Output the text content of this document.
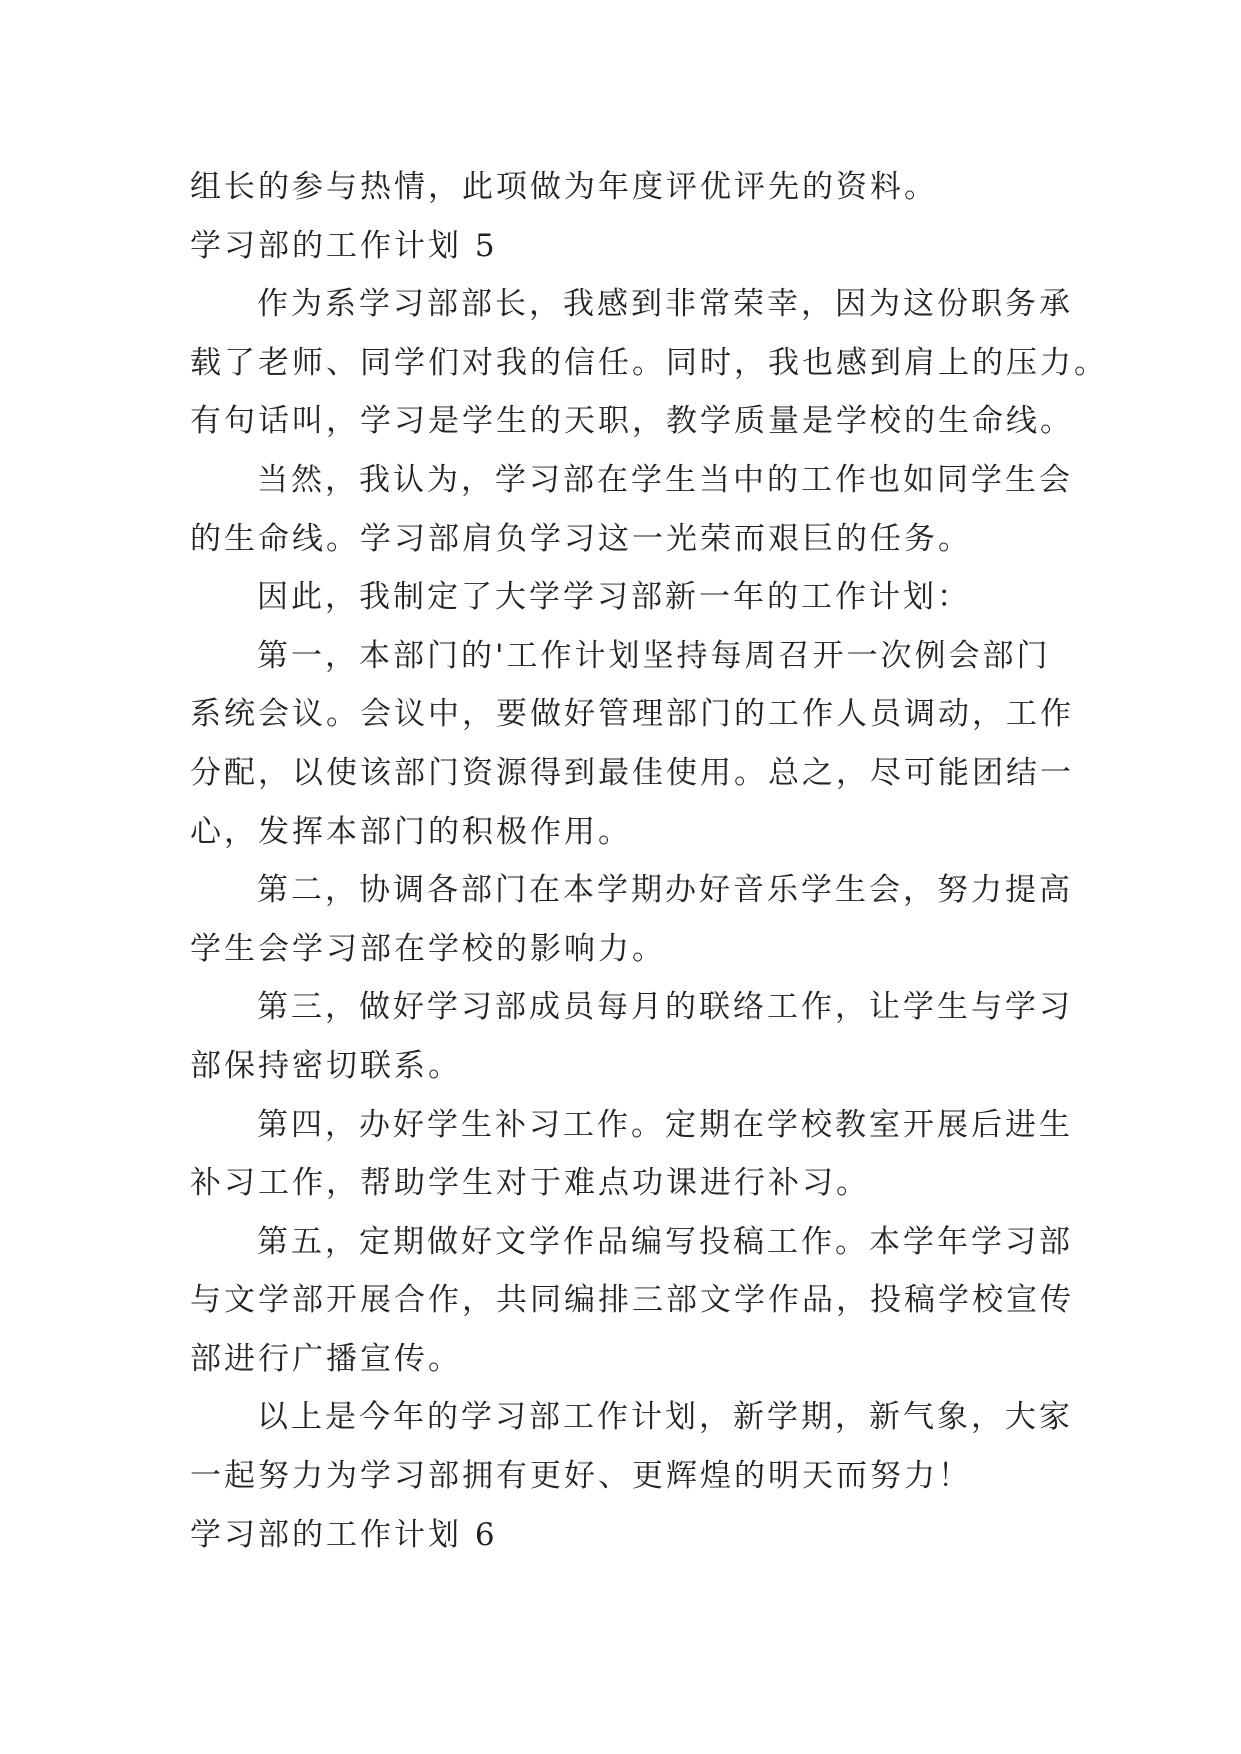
组长的参与热情，此项做为年度评优评先的资料。
学习部的工作计划 5
作为系学习部部长，我感到非常荣幸，因为这份职务承
载了老师、同学们对我的信任。同时，我也感到肩上的压力。
有句话叫，学习是学生的天职，教学质量是学校的生命线。
当然，我认为，学习部在学生当中的工作也如同学生会
的生命线。学习部肩负学习这一光荣而艰巨的任务。
因此，我制定了大学学习部新一年的工作计划：
第一，本部门的'工作计划坚持每周召开一次例会部门
系统会议。会议中，要做好管理部门的工作人员调动，工作
分配，以使该部门资源得到最佳使用。总之，尽可能团结一
心，发挥本部门的积极作用。
第二，协调各部门在本学期办好音乐学生会，努力提高
学生会学习部在学校的影响力。
第三，做好学习部成员每月的联络工作，让学生与学习
部保持密切联系。
第四，办好学生补习工作。定期在学校教室开展后进生
补习工作，帮助学生对于难点功课进行补习。
第五，定期做好文学作品编写投稿工作。本学年学习部
与文学部开展合作，共同编排三部文学作品，投稿学校宣传
部进行广播宣传。
以上是今年的学习部工作计划，新学期，新气象，大家
一起努力为学习部拥有更好、更辉煌的明天而努力！
学习部的工作计划 6
